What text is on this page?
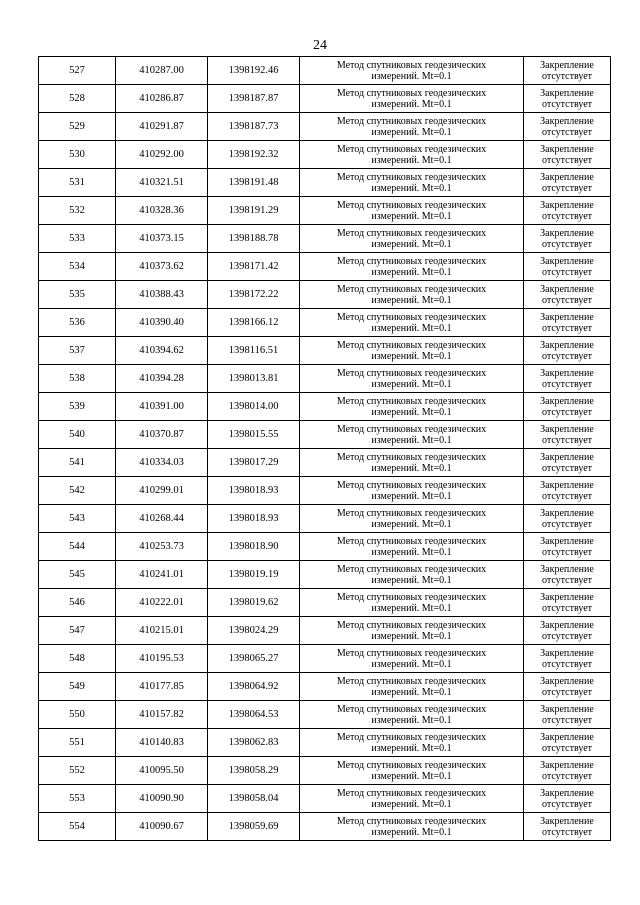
24
527	410287.00	1398192.46	Метод спутниковых геодезических
измерений. Mt=0.1	Закрепление
отсутствует

528	410286.87	1398187.87	Метод спутниковых геодезических
измерений. Mt=0.1	Закрепление
отсутствует

529	410291.87	1398187.73	Метод спутниковых геодезических
измерений. Mt=0.1	Закрепление
отсутствует

530	410292.00	1398192.32	Метод спутниковых геодезических
измерений. Mt=0.1	Закрепление
отсутствует

531	410321.51	1398191.48	Метод спутниковых геодезических
измерений. Mt=0.1	Закрепление
отсутствует

532	410328.36	1398191.29	Метод спутниковых геодезических
измерений. Mt=0.1	Закрепление
отсутствует

533	410373.15	1398188.78	Метод спутниковых геодезических
измерений. Mt=0.1	Закрепление
отсутствует

534	410373.62	1398171.42	Метод спутниковых геодезических
измерений. Mt=0.1	Закрепление
отсутствует

535	410388.43	1398172.22	Метод спутниковых геодезических
измерений. Mt=0.1	Закрепление
отсутствует

536	410390.40	1398166.12	Метод спутниковых геодезических
измерений. Mt=0.1	Закрепление
отсутствует

537	410394.62	1398116.51	Метод спутниковых геодезических
измерений. Mt=0.1	Закрепление
отсутствует

538	410394.28	1398013.81	Метод спутниковых геодезических
измерений. Mt=0.1	Закрепление
отсутствует

539	410391.00	1398014.00	Метод спутниковых геодезических
измерений. Mt=0.1	Закрепление
отсутствует

540	410370.87	1398015.55	Метод спутниковых геодезических
измерений. Mt=0.1	Закрепление
отсутствует

541	410334.03	1398017.29	Метод спутниковых геодезических
измерений. Mt=0.1	Закрепление
отсутствует

542	410299.01	1398018.93	Метод спутниковых геодезических
измерений. Mt=0.1	Закрепление
отсутствует

543	410268.44	1398018.93	Метод спутниковых геодезических
измерений. Mt=0.1	Закрепление
отсутствует

544	410253.73	1398018.90	Метод спутниковых геодезических
измерений. Mt=0.1	Закрепление
отсутствует

545	410241.01	1398019.19	Метод спутниковых геодезических
измерений. Mt=0.1	Закрепление
отсутствует

546	410222.01	1398019.62	Метод спутниковых геодезических
измерений. Mt=0.1	Закрепление
отсутствует

547	410215.01	1398024.29	Метод спутниковых геодезических
измерений. Mt=0.1	Закрепление
отсутствует

548	410195.53	1398065.27	Метод спутниковых геодезических
измерений. Mt=0.1	Закрепление
отсутствует

549	410177.85	1398064.92	Метод спутниковых геодезических
измерений. Mt=0.1	Закрепление
отсутствует

550	410157.82	1398064.53	Метод спутниковых геодезических
измерений. Mt=0.1	Закрепление
отсутствует

551	410140.83	1398062.83	Метод спутниковых геодезических
измерений. Mt=0.1	Закрепление
отсутствует

552	410095.50	1398058.29	Метод спутниковых геодезических
измерений. Mt=0.1	Закрепление
отсутствует

553	410090.90	1398058.04	Метод спутниковых геодезических
измерений. Mt=0.1	Закрепление
отсутствует

554	410090.67	1398059.69	Метод спутниковых геодезических
измерений. Mt=0.1	Закрепление
отсутствует
